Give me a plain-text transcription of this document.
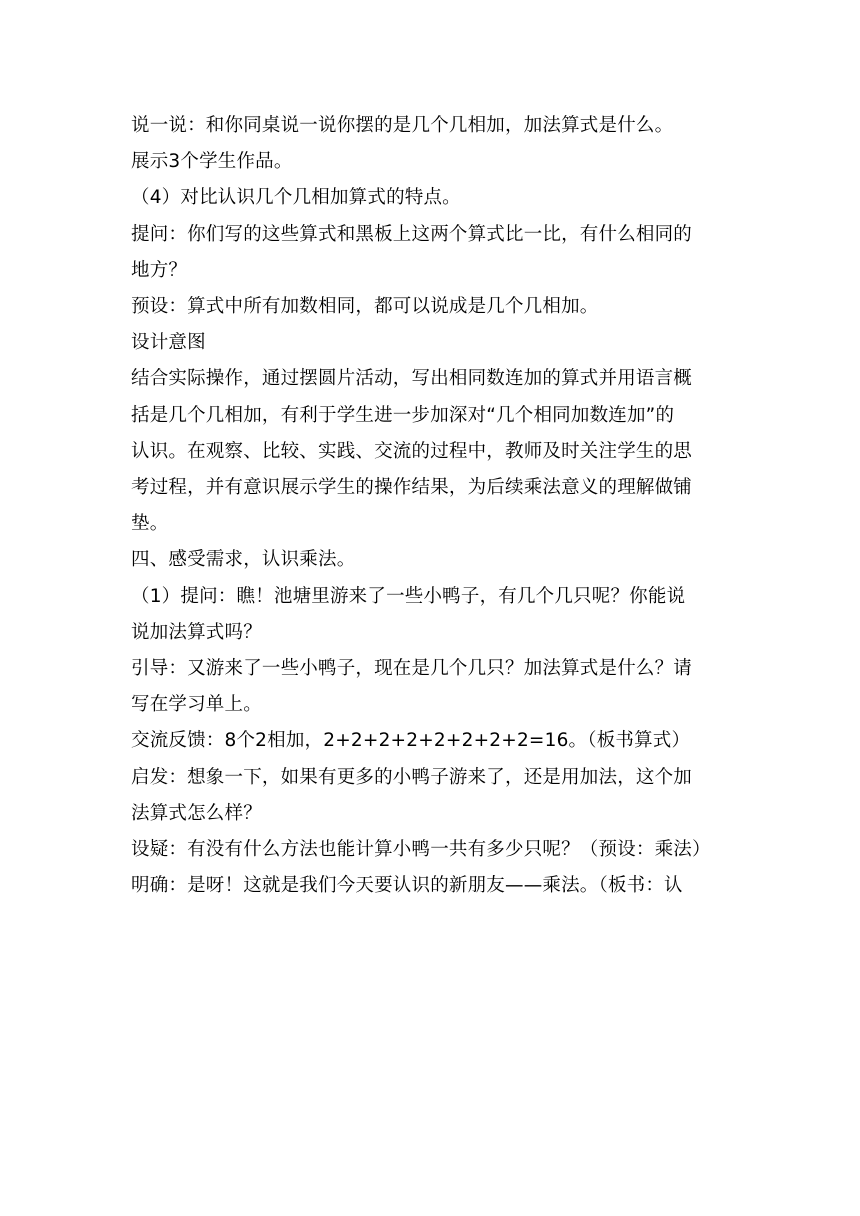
说一说：和你同桌说一说你摆的是几个几相加，加法算式是什么。
展示3个学生作品。
（4）对比认识几个几相加算式的特点。
提问：你们写的这些算式和黑板上这两个算式比一比，有什么相同的
地方？
预设：算式中所有加数相同，都可以说成是几个几相加。
设计意图
结合实际操作，通过摆圆片活动，写出相同数连加的算式并用语言概
括是几个几相加，有利于学生进一步加深对“几个相同加数连加”的
认识。在观察、比较、实践、交流的过程中，教师及时关注学生的思
考过程，并有意识展示学生的操作结果，为后续乘法意义的理解做铺
垫。
四、感受需求，认识乘法。
（1）提问：瞧！池塘里游来了一些小鸭子，有几个几只呢？你能说
说加法算式吗？
引导：又游来了一些小鸭子，现在是几个几只？加法算式是什么？请
写在学习单上。
交流反馈：8个2相加，2+2+2+2+2+2+2+2=16。（板书算式）
启发：想象一下，如果有更多的小鸭子游来了，还是用加法，这个加
法算式怎么样？
设疑：有没有什么方法也能计算小鸭一共有多少只呢？（预设：乘法）
明确：是呀！这就是我们今天要认识的新朋友——乘法。（板书：认
